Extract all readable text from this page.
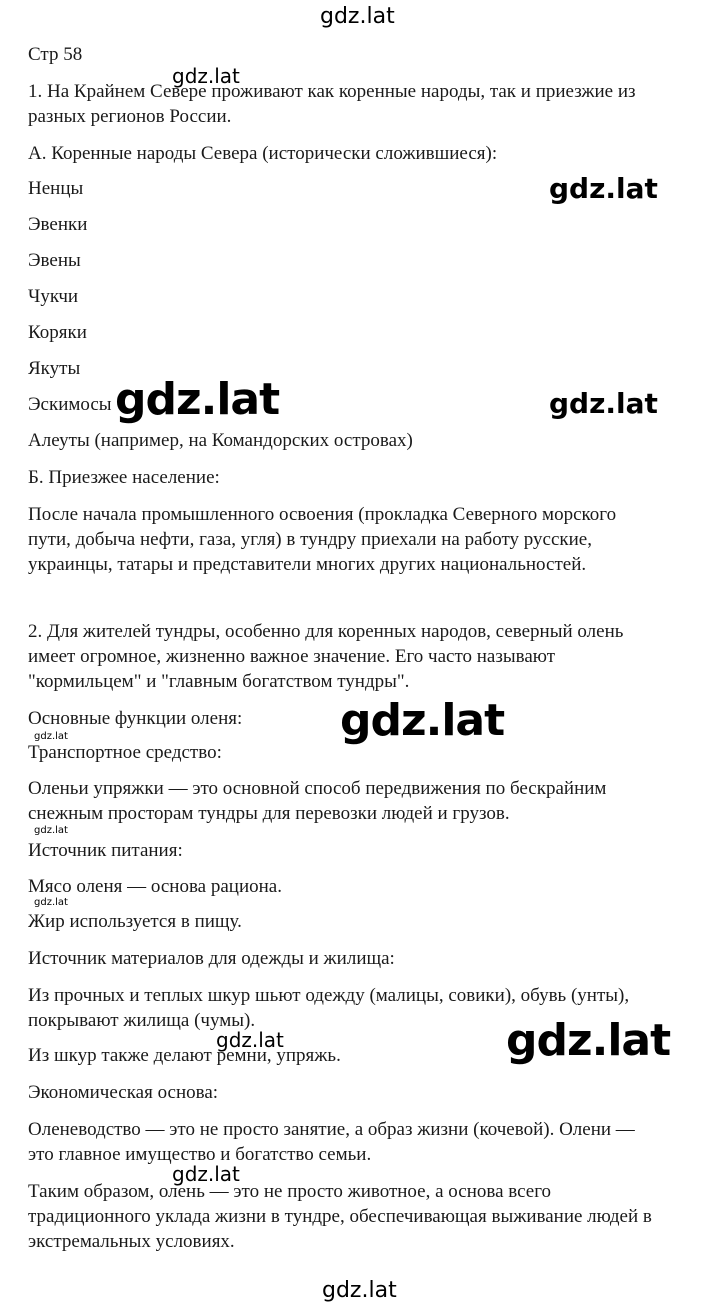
gdz.lat
Стр 58
1. На Крайнем Севере проживают как коренные народы, так и приезжие из
разных регионов России.
А. Коренные народы Севера (исторически сложившиеся):
Ненцы
Эвенки
Эвены
Чукчи
Коряки
Якуты
Эскимосы
Алеуты (например, на Командорских островах)
Б. Приезжее население:
После начала промышленного освоения (прокладка Северного морского
пути, добыча нефти, газа, угля) в тундру приехали на работу русские,
украинцы, татары и представители многих других национальностей.
2. Для жителей тундры, особенно для коренных народов, северный олень
имеет огромное, жизненно важное значение. Его часто называют
"кормильцем" и "главным богатством тундры".
Основные функции оленя:
Транспортное средство:
Оленьи упряжки — это основной способ передвижения по бескрайним
снежным просторам тундры для перевозки людей и грузов.
Источник питания:
Мясо оленя — основа рациона.
Жир используется в пищу.
Источник материалов для одежды и жилища:
Из прочных и теплых шкур шьют одежду (малицы, совики), обувь (унты),
покрывают жилища (чумы).
Из шкур также делают ремни, упряжь.
Экономическая основа:
Оленеводство — это не просто занятие, а образ жизни (кочевой). Олени —
это главное имущество и богатство семьи.
Таким образом, олень — это не просто животное, а основа всего
традиционного уклада жизни в тундре, обеспечивающая выживание людей в
экстремальных условиях.
gdz.lat
gdz.lat
gdz.lat	gdz.lat
gdz.lat
gdz.lat
gdz.lat
gdz.lat
gdz.lat	gdz.lat
gdz.lat
gdz.lat
